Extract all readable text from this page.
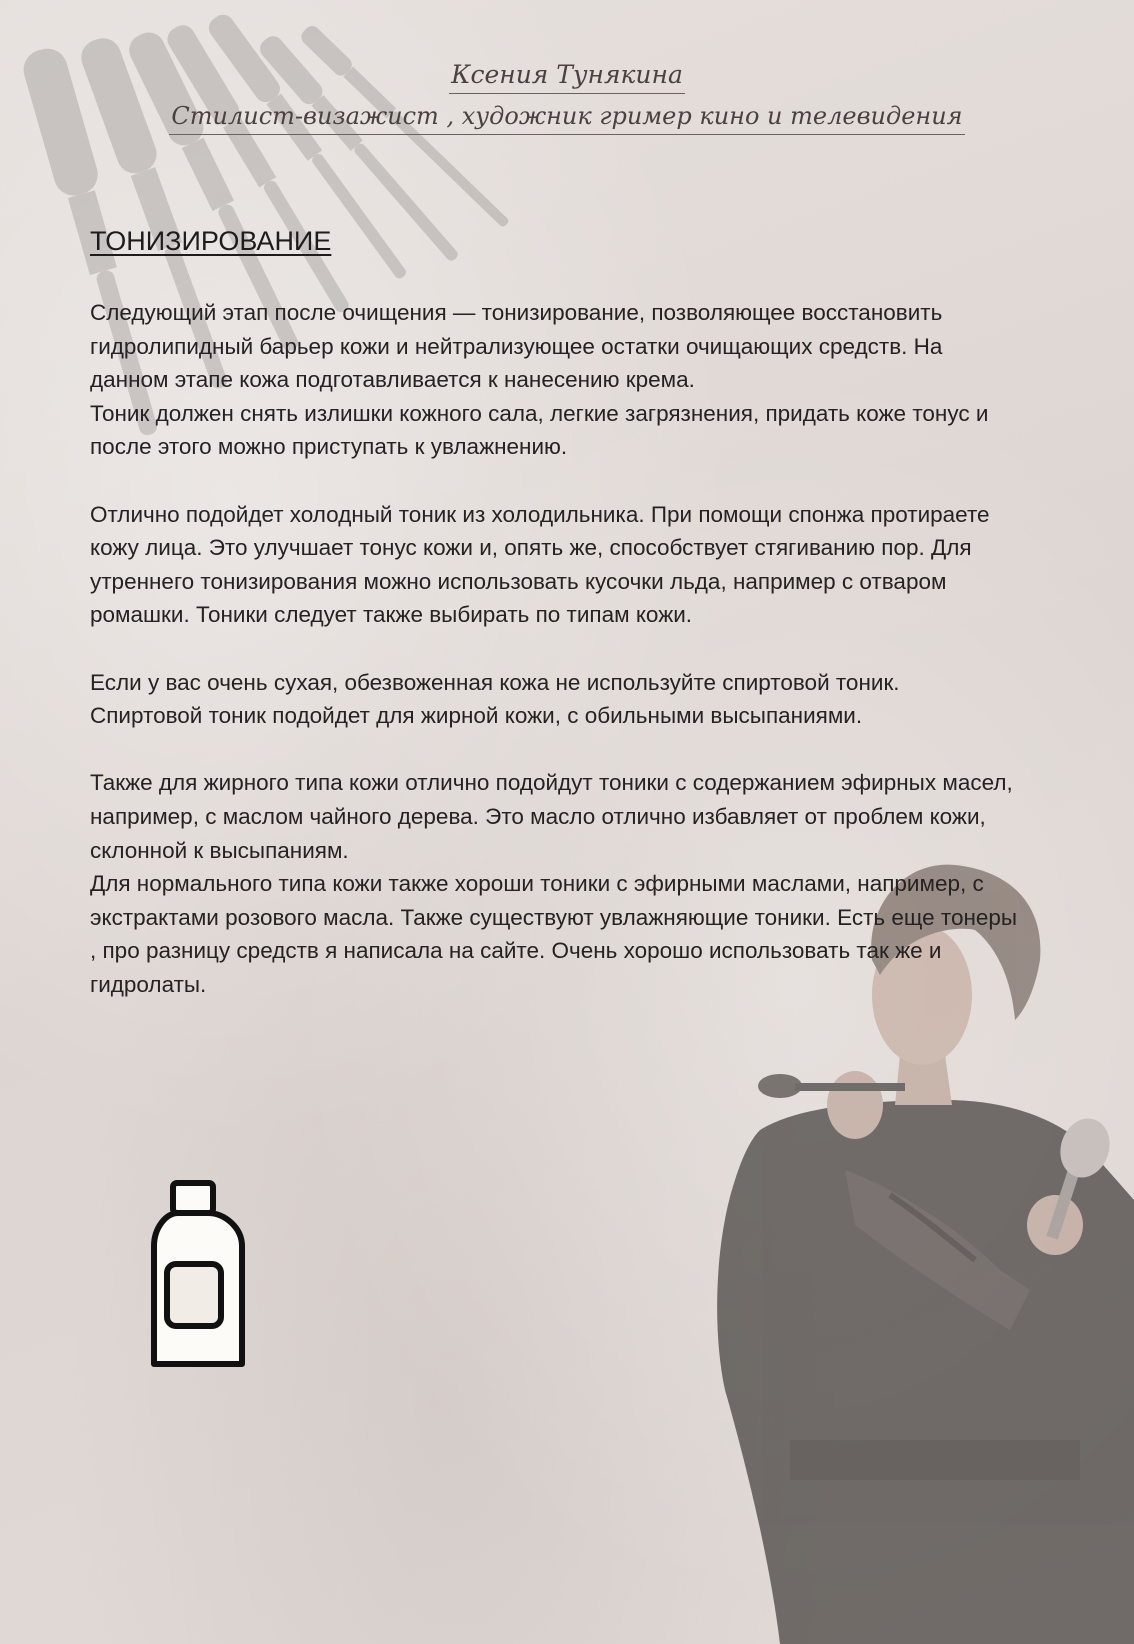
Ксения Тунякина
Стилист-визажист , художник гример кино и телевидения
ТОНИЗИРОВАНИЕ

Следующий этап после очищения — тонизирование, позволяющее восстановить гидролипидный барьер кожи и нейтрализующее остатки очищающих средств. На данном этапе кожа подготавливается к нанесению крема.
Тоник должен снять излишки кожного сала, легкие загрязнения, придать коже тонус и после этого можно приступать к увлажнению.

Отлично подойдет холодный тоник из холодильника. При помощи спонжа протираете кожу лица. Это улучшает тонус кожи и, опять же, способствует стягиванию пор. Для утреннего тонизирования можно использовать кусочки льда, например с отваром ромашки. Тоники следует также выбирать по типам кожи.

Если у вас очень сухая, обезвоженная кожа не используйте спиртовой тоник.
Спиртовой тоник подойдет для жирной кожи, с обильными высыпаниями.

Также для жирного типа кожи отлично подойдут тоники с содержанием эфирных масел, например, с маслом чайного дерева. Это масло отлично избавляет от проблем кожи, склонной к высыпаниям.
Для нормального типа кожи также хороши тоники с эфирными маслами, например, с экстрактами розового масла. Также существуют увлажняющие тоники. Есть еще тонеры , про разницу средств я написала на сайте. Очень хорошо использовать так же и гидролаты.
